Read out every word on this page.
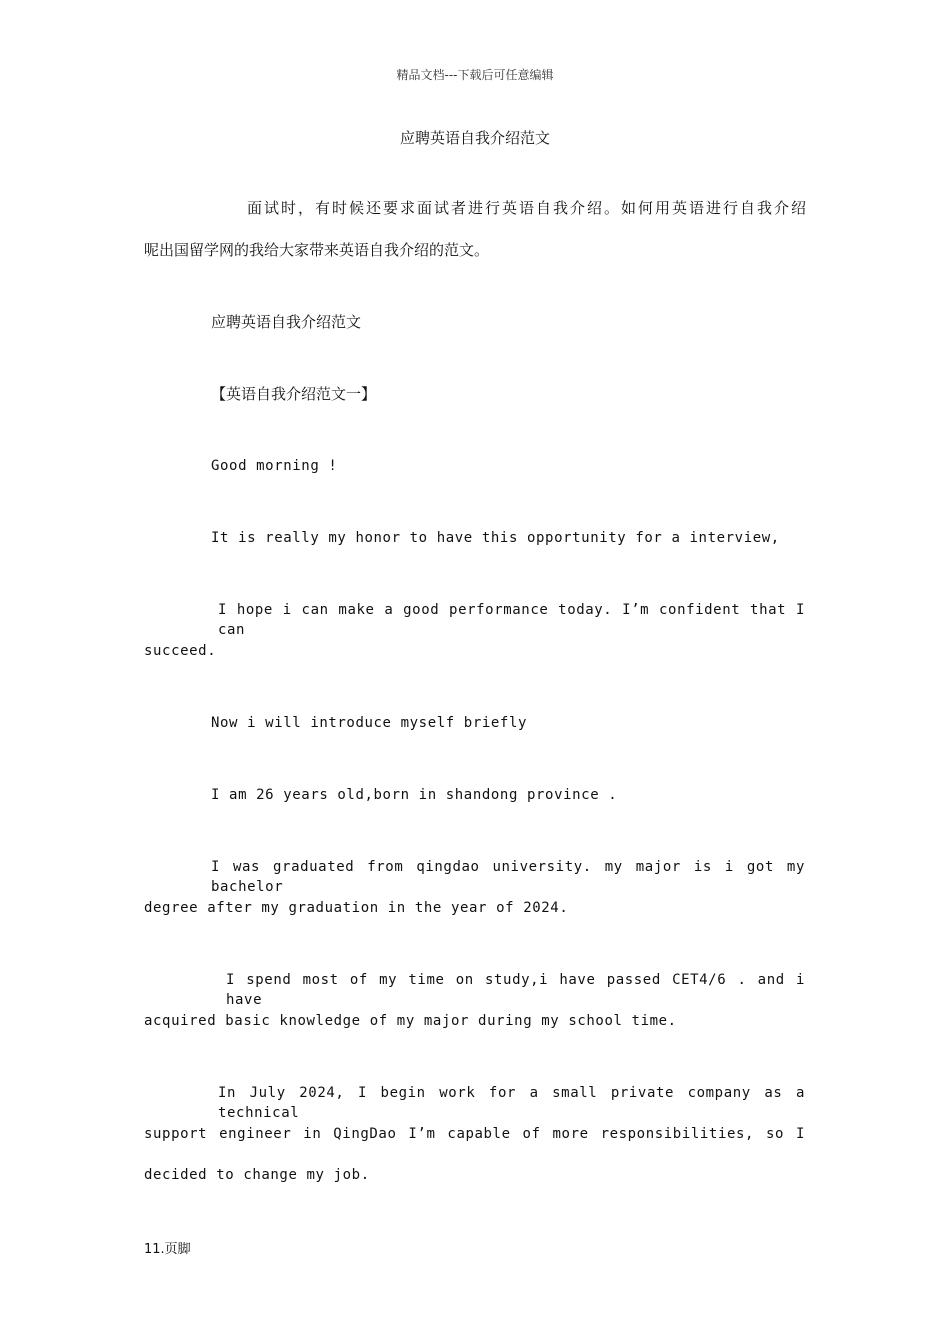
精品文档---下载后可任意编辑
应聘英语自我介绍范文
面试时，有时候还要求面试者进行英语自我介绍。如何用英语进行自我介绍
呢出国留学网的我给大家带来英语自我介绍的范文。
应聘英语自我介绍范文
【英语自我介绍范文一】
Good morning !
It is really my honor to have this opportunity for a interview,
I hope i can make a good performance today. I’m confident that I can
succeed.
Now i will introduce myself briefly
I am 26 years old,born in shandong province .
I was graduated from qingdao university. my major is i got my bachelor
degree after my graduation in the year of 2024.
I spend most of my time on study,i have passed CET4/6 . and i have
acquired basic knowledge of my major during my school time.
In July 2024, I begin work for a small private company as a technical
support engineer in QingDao I’m capable of more responsibilities, so I
decided to change my job.
11.页脚
